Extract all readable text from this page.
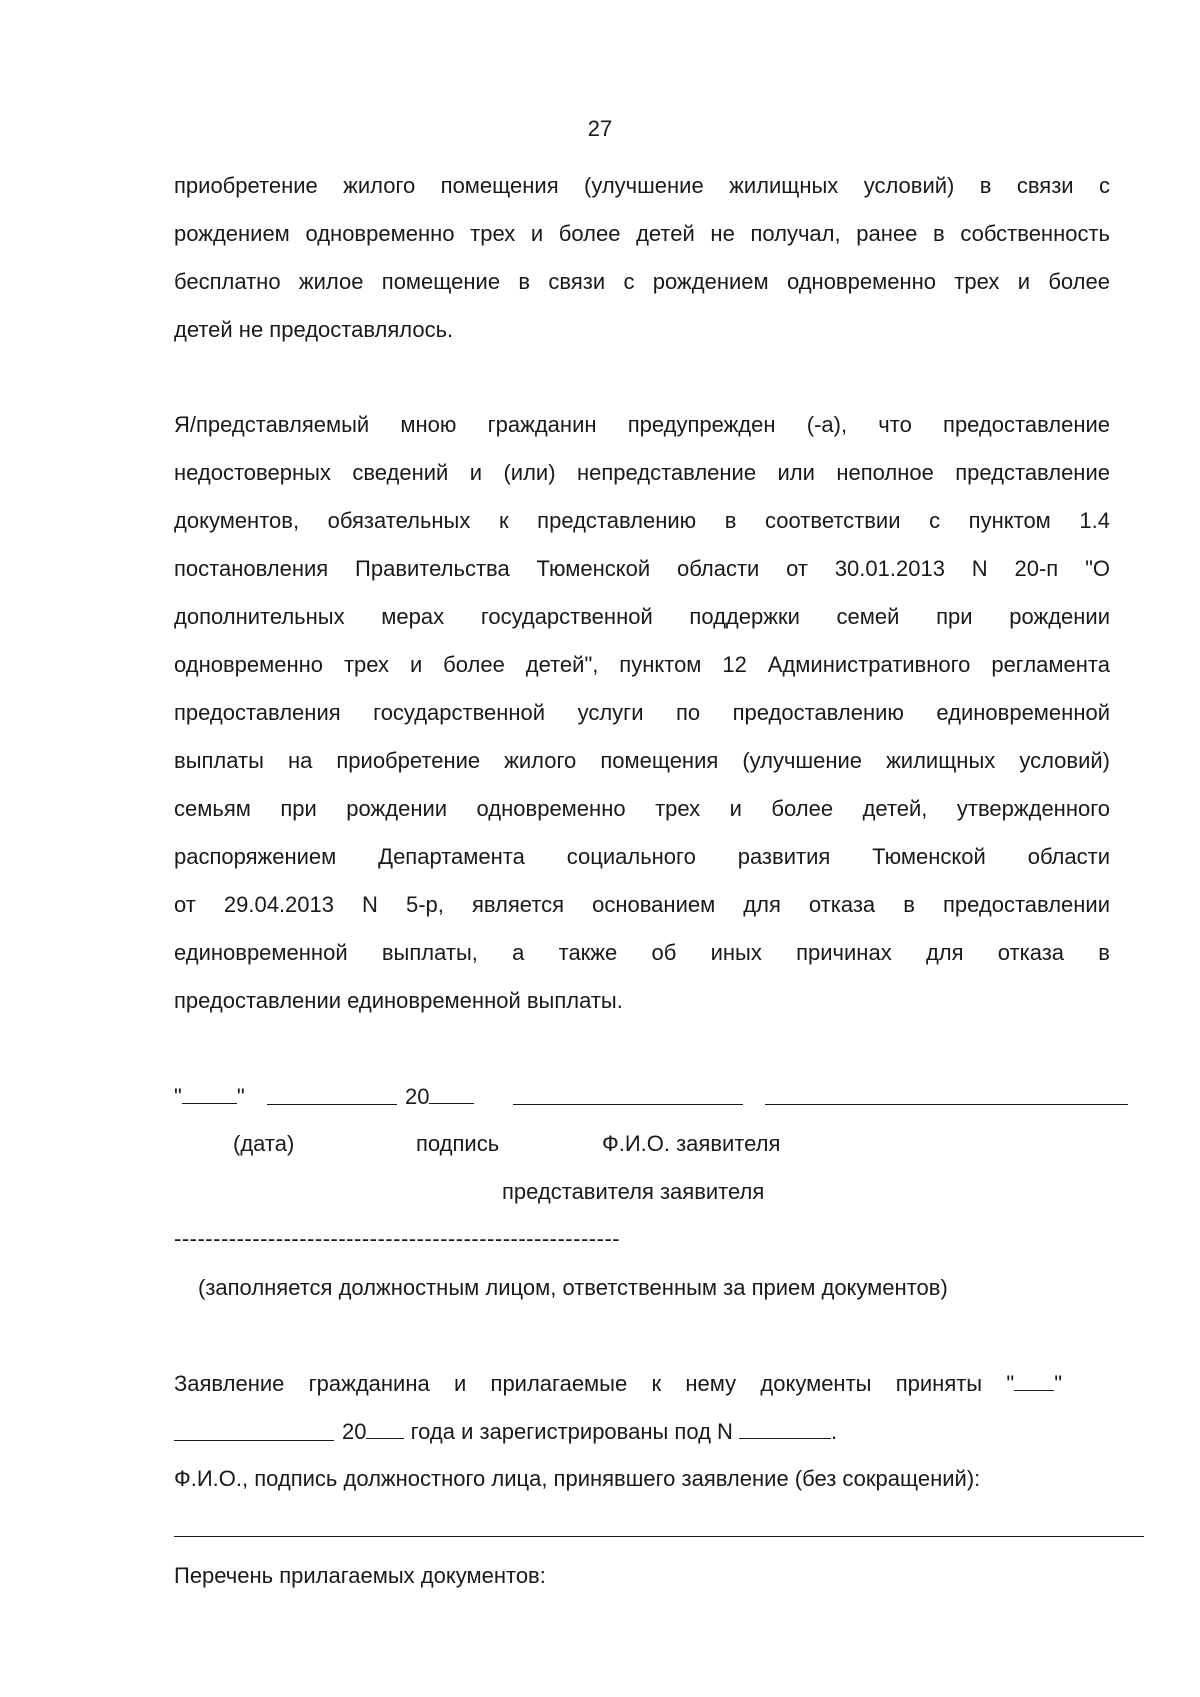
27
приобретение жилого помещения (улучшение жилищных условий) в связи с
рождением одновременно трех и более детей не получал, ранее в собственность
бесплатно жилое помещение в связи с рождением одновременно трех и более
детей не предоставлялось.
Я/представляемый мною гражданин предупрежден (-а), что предоставление
недостоверных сведений и (или) непредставление или неполное представление
документов, обязательных к представлению в соответствии с пунктом 1.4
постановления Правительства Тюменской области от 30.01.2013 N 20-п "О
дополнительных мерах государственной поддержки семей при рождении
одновременно трех и более детей", пунктом 12 Административного регламента
предоставления государственной услуги по предоставлению единовременной
выплаты на приобретение жилого помещения (улучшение жилищных условий)
семьям при рождении одновременно трех и более детей, утвержденного
распоряжением Департамента социального развития Тюменской области
от 29.04.2013 N 5-р, является основанием для отказа в предоставлении
единовременной выплаты, а также об иных причинах для отказа в
предоставлении единовременной выплаты.
"	"	20
(дата)	подпись	Ф.И.О. заявителя
представителя заявителя
---------------------------------------------------------
(заполняется должностным лицом, ответственным за прием документов)
Заявление гражданина и прилагаемые к нему документы приняты " "
20 года и зарегистрированы под N	.
Ф.И.О., подпись должностного лица, принявшего заявление (без сокращений):
Перечень прилагаемых документов:
